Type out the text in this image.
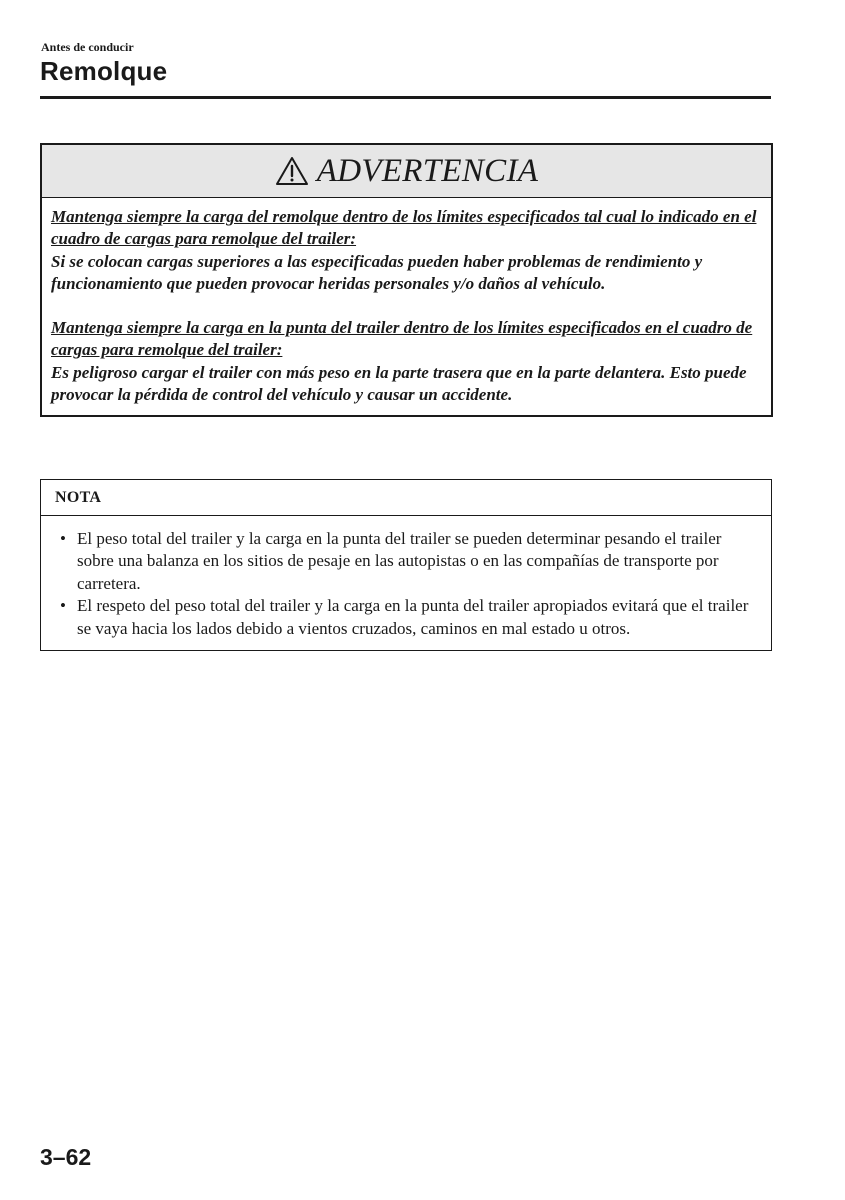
Antes de conducir
Remolque
ADVERTENCIA

Mantenga siempre la carga del remolque dentro de los límites especificados tal cual lo indicado en el cuadro de cargas para remolque del trailer:
Si se colocan cargas superiores a las especificadas pueden haber problemas de rendimiento y funcionamiento que pueden provocar heridas personales y/o daños al vehículo.

Mantenga siempre la carga en la punta del trailer dentro de los límites especificados en el cuadro de cargas para remolque del trailer:
Es peligroso cargar el trailer con más peso en la parte trasera que en la parte delantera. Esto puede provocar la pérdida de control del vehículo y causar un accidente.

NOTA
• El peso total del trailer y la carga en la punta del trailer se pueden determinar pesando el trailer sobre una balanza en los sitios de pesaje en las autopistas o en las compañías de transporte por carretera.
• El respeto del peso total del trailer y la carga en la punta del trailer apropiados evitará que el trailer se vaya hacia los lados debido a vientos cruzados, caminos en mal estado u otros.
3–62
